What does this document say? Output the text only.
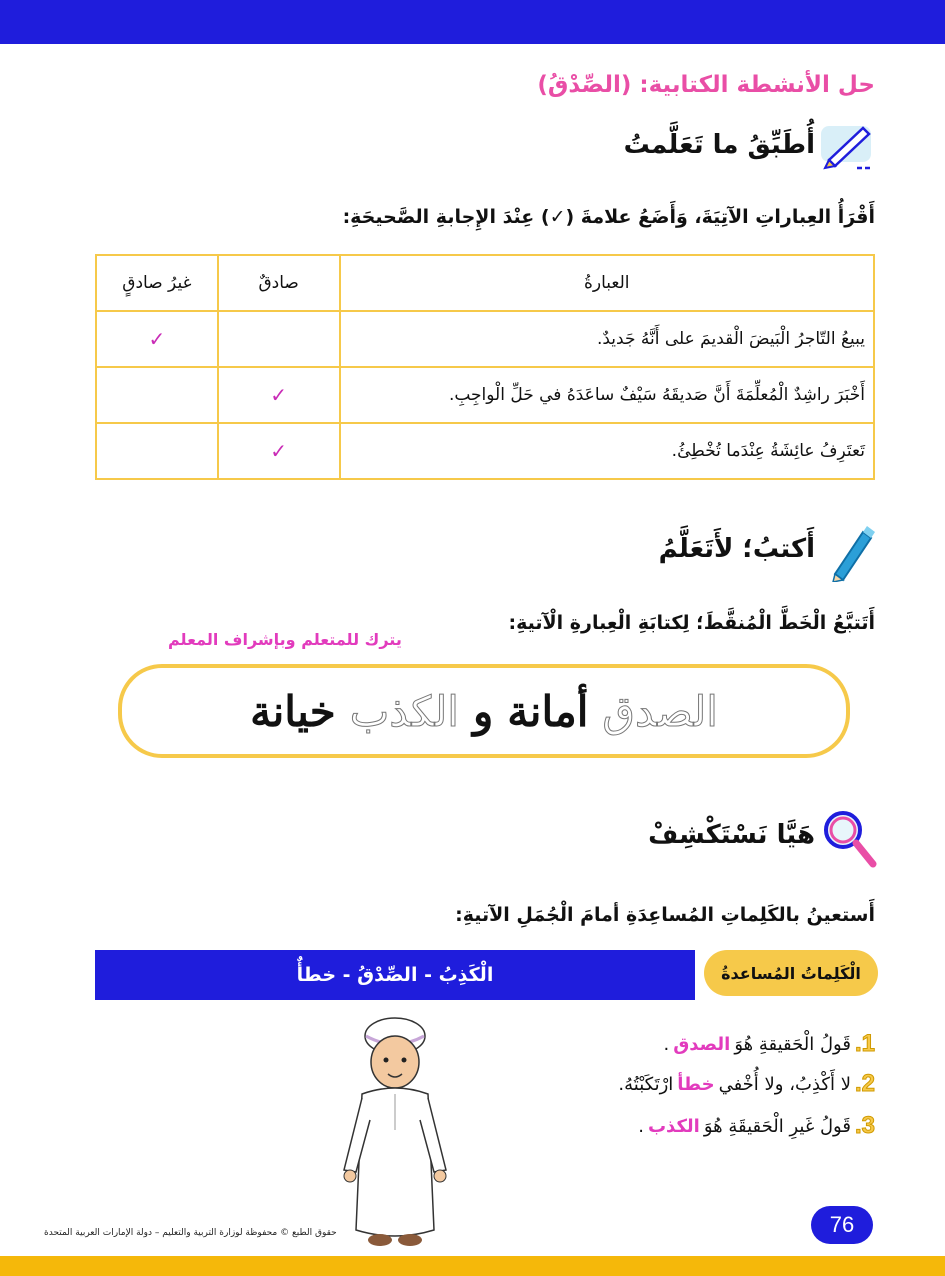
حل الأنشطة الكتابية: (الصِّدْقُ)
أُطَبِّقُ ما تَعَلَّمتُ
أَقْرَأُ العِباراتِ الآتِيَةَ، وَأَضَعُ علامةَ (✓) عِنْدَ الإِجابةِ الصَّحيحَةِ:
العبارةُ	صادقٌ	غيرُ صادقٍ
يبيعُ التّاجرُ الْبَيضَ الْقديمَ على أَنَّهُ جَديدٌ.		✓
أَخْبَرَ راشِدٌ الْمُعلِّمَةَ أَنَّ صَديقَهُ سَيْفٌ ساعَدَهُ في حَلِّ الْواجِبِ.	✓	
تَعتَرِفُ عائِشَةُ عِنْدَما تُخْطِئُ.	✓	
أَكتبُ؛ لأَتَعَلَّمُ
أَتَتبَّعُ الْخَطَّ الْمُنقَّطَ؛ لِكتابَةِ الْعِبارةِ الْآتيةِ:
يترك للمتعلم وبإشراف المعلم
الصدق
أمانة
و
الكذب
خيانة
هَيَّا نَسْتَكْشِفْ
أَستعينُ بالكَلِماتِ المُساعِدَةِ أمامَ الْجُمَلِ الآتيةِ:
الْكَذِبُ - الصِّدْقُ - خطأٌ	الْكَلِماتُ المُساعدةُ
1.
قَولُ الْحَقيقةِ هُوَ
الصدق
.
2.
لا أَكْذِبُ، ولا أُخْفي
خطأ
ارْتَكَبْتُهُ.
3.
قَولُ غَيرِ الْحَقيقَةِ هُوَ
الكذب
.
76
حقوق الطبع © محفوظة لوزارة التربية والتعليم – دولة الإمارات العربية المتحدة
